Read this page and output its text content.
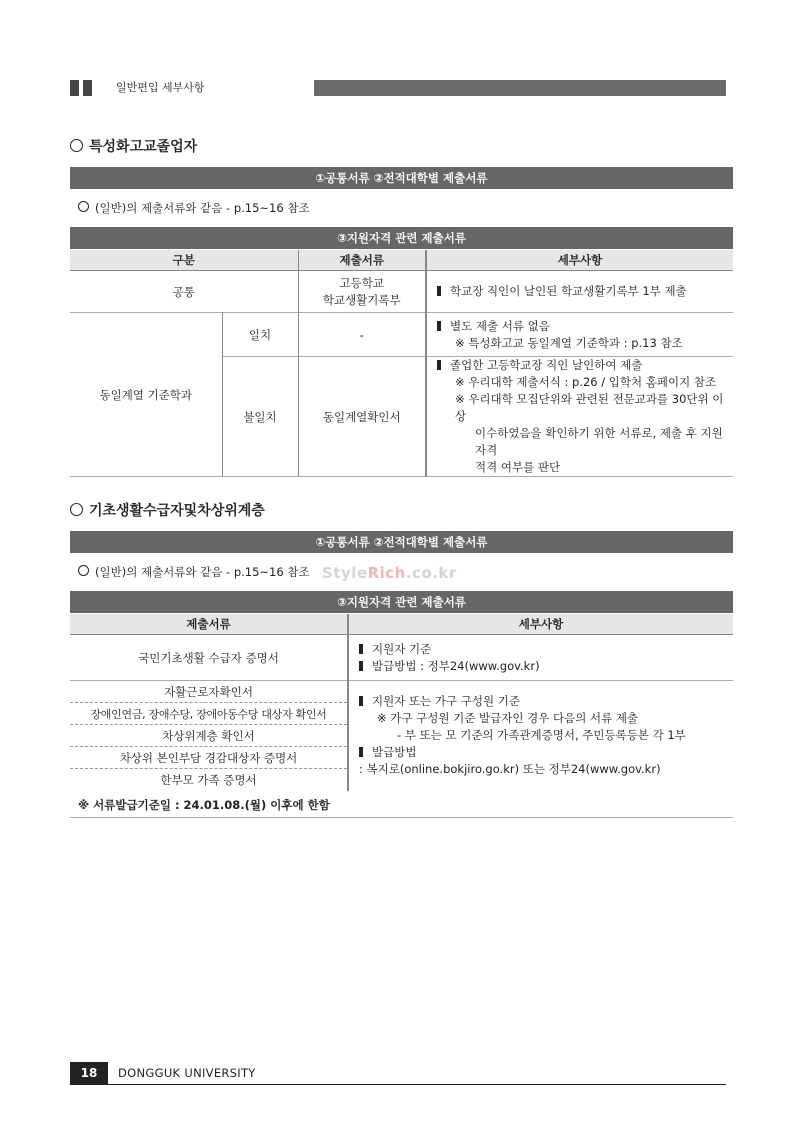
일반편입 세부사항
특성화고교졸업자
①공통서류 ②전적대학별 제출서류
(일반)의 제출서류와 같음 - p.15~16 참조
③지원자격 관련 제출서류
구분		제출서류	세부사항
공통		고등학교
학교생활기록부	학교장 직인이 날인된 학교생활기록부 1부 제출
동일계열 기준학과	일치	-	별도 제출 서류 없음
※ 특성화고교 동일계열 기준학과 : p.13 참조

	불일치	동일계열확인서	졸업한 고등학교장 직인 날인하여 제출
※ 우리대학 제출서식 : p.26 / 입학처 홈페이지 참조
※ 우리대학 모집단위와 관련된 전문교과를 30단위 이상
이수하였음을 확인하기 위한 서류로, 제출 후 지원자격
적격 여부를 판단
기초생활수급자및차상위계층
①공통서류 ②전적대학별 제출서류
(일반)의 제출서류와 같음 - p.15~16 참조 StyleRich.co.kr
③지원자격 관련 제출서류
제출서류	세부사항
국민기초생활 수급자 증명서	지원자 기준
발급방법 : 정부24(www.gov.kr)

자활근로자확인서	지원자 또는 가구 구성원 기준
※ 가구 구성원 기준 발급자인 경우 다음의 서류 제출
- 부 또는 모 기준의 가족관계증명서, 주민등록등본 각 1부
발급방법
: 복지로(online.bokjiro.go.kr) 또는 정부24(www.gov.kr)

장애인연금, 장애수당, 장애아동수당 대상자 확인서	
차상위계층 확인서	
차상위 본인부담 경감대상자 증명서	
한부모 가족 증명서	
※ 서류발급기준일 : 24.01.08.(월) 이후에 한함
18	DONGGUK UNIVERSITY
